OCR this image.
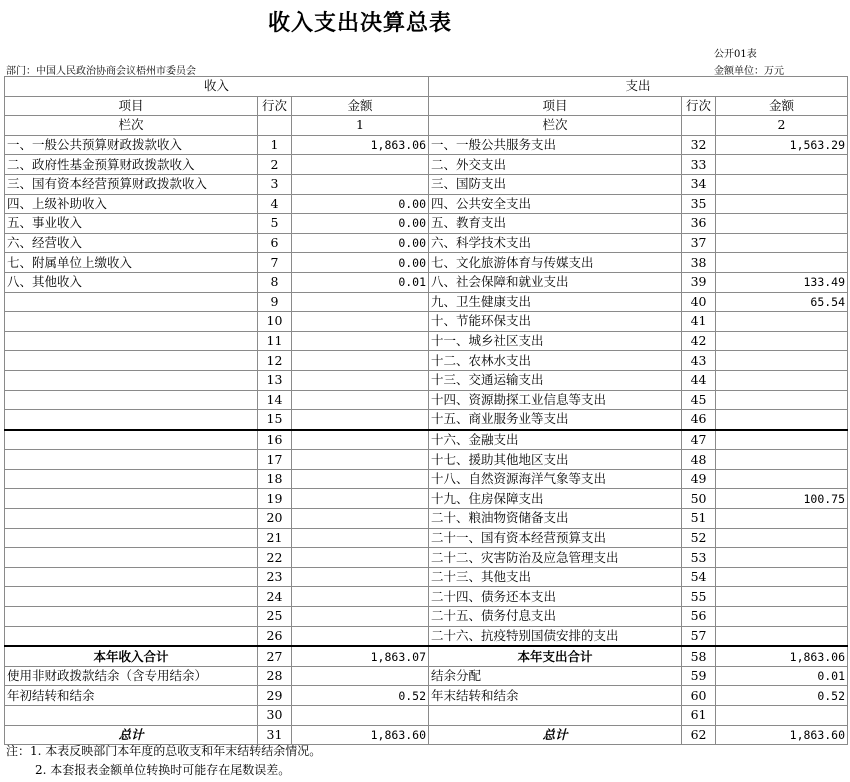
收入支出决算总表
公开01表
部门：中国人民政治协商会议梧州市委员会	金额单位：万元
收入			支出		
项目	行次	金额	项目	行次	金额
栏次		1	栏次		2
一、一般公共预算财政拨款收入	1	1,863.06	一、一般公共服务支出	32	1,563.29
二、政府性基金预算财政拨款收入	2		二、外交支出	33	
三、国有资本经营预算财政拨款收入	3		三、国防支出	34	
四、上级补助收入	4	0.00	四、公共安全支出	35	
五、事业收入	5	0.00	五、教育支出	36	
六、经营收入	6	0.00	六、科学技术支出	37	
七、附属单位上缴收入	7	0.00	七、文化旅游体育与传媒支出	38	
八、其他收入	8	0.01	八、社会保障和就业支出	39	133.49
	9		九、卫生健康支出	40	65.54
	10		十、节能环保支出	41	
	11		十一、城乡社区支出	42	
	12		十二、农林水支出	43	
	13		十三、交通运输支出	44	
	14		十四、资源勘探工业信息等支出	45	
	15		十五、商业服务业等支出	46	
	16		十六、金融支出	47	
	17		十七、援助其他地区支出	48	
	18		十八、自然资源海洋气象等支出	49	
	19		十九、住房保障支出	50	100.75
	20		二十、粮油物资储备支出	51	
	21		二十一、国有资本经营预算支出	52	
	22		二十二、灾害防治及应急管理支出	53	
	23		二十三、其他支出	54	
	24		二十四、债务还本支出	55	
	25		二十五、债务付息支出	56	
	26		二十六、抗疫特别国债安排的支出	57	
本年收入合计	27	1,863.07	本年支出合计	58	1,863.06
使用非财政拨款结余（含专用结余）	28		结余分配	59	0.01
年初结转和结余	29	0.52	年末结转和结余	60	0.52
	30			61	
总计	31	1,863.60	总计	62	1,863.60
注：1. 本表反映部门本年度的总收支和年末结转结余情况。
2. 本套报表金额单位转换时可能存在尾数误差。
